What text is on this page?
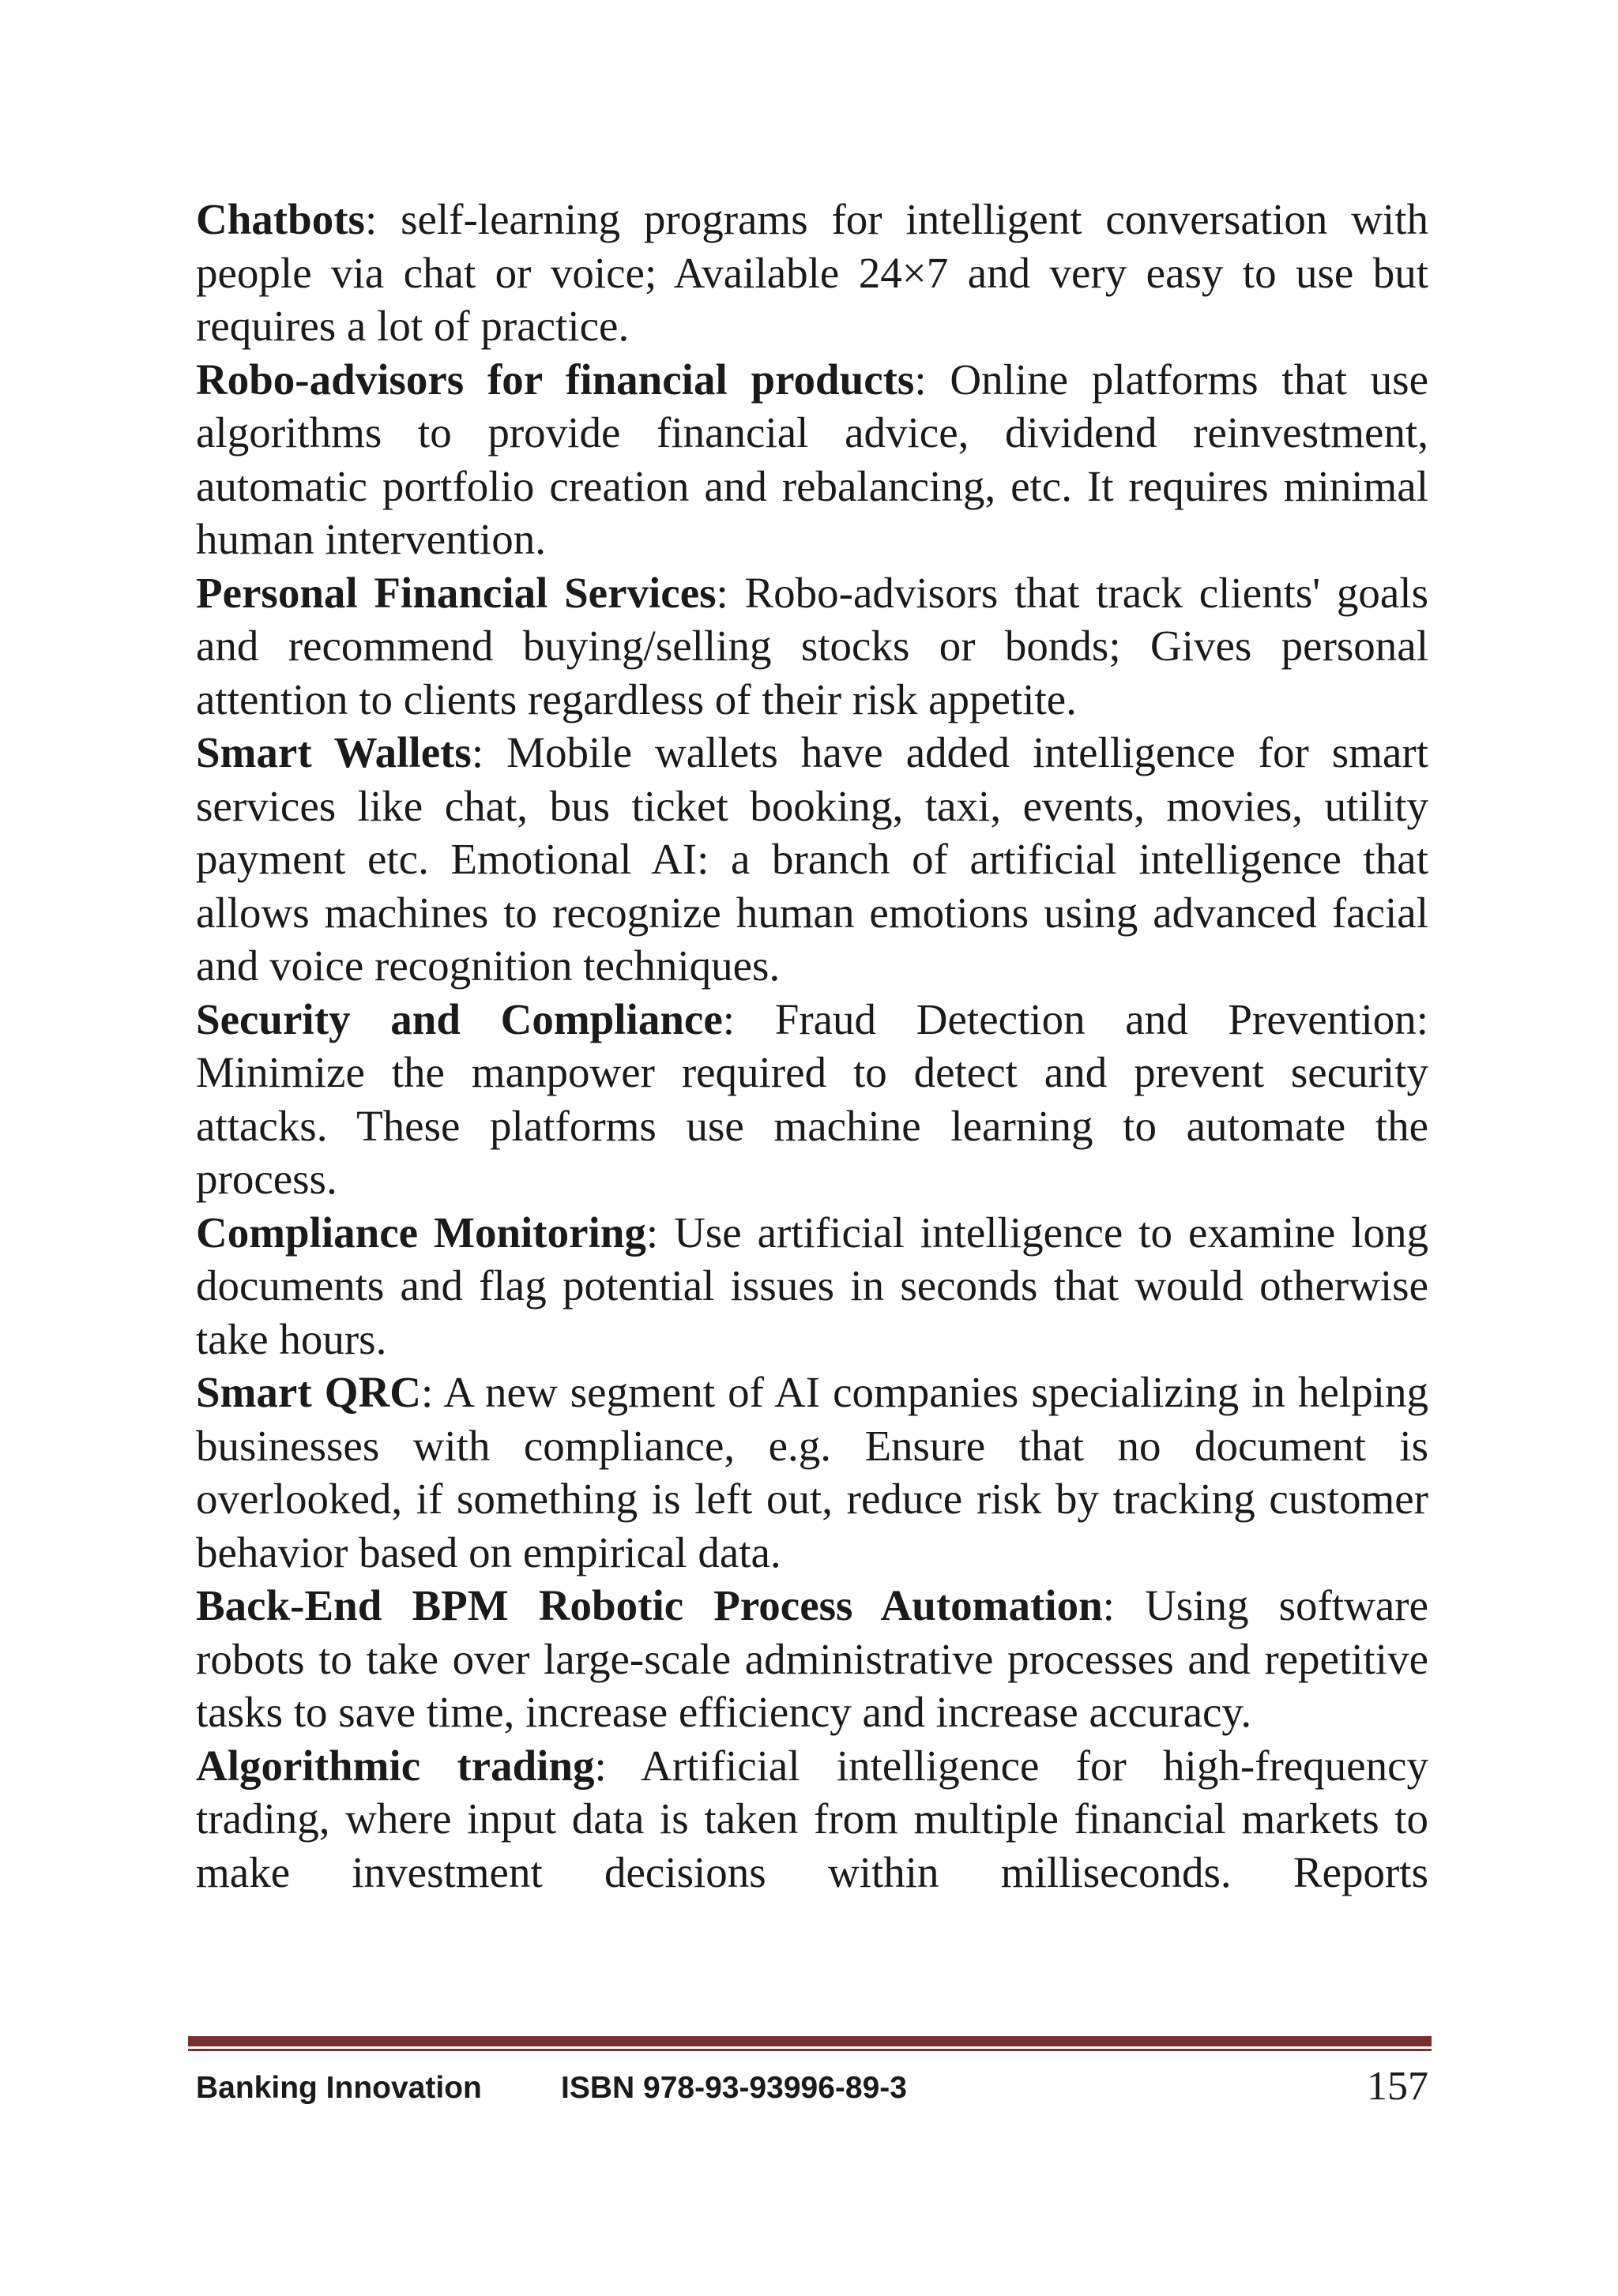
Chatbots: self-learning programs for intelligent conversation with people via chat or voice; Available 24×7 and very easy to use but requires a lot of practice.

Robo-advisors for financial products: Online platforms that use algorithms to provide financial advice, dividend reinvestment, automatic portfolio creation and rebalancing, etc. It requires minimal human intervention.

Personal Financial Services: Robo-advisors that track clients' goals and recommend buying/selling stocks or bonds; Gives personal attention to clients regardless of their risk appetite.

Smart Wallets: Mobile wallets have added intelligence for smart services like chat, bus ticket booking, taxi, events, movies, utility payment etc. Emotional AI: a branch of artificial intelligence that allows machines to recognize human emotions using advanced facial and voice recognition techniques.

Security and Compliance: Fraud Detection and Prevention: Minimize the manpower required to detect and prevent security attacks. These platforms use machine learning to automate the process.

Compliance Monitoring: Use artificial intelligence to examine long documents and flag potential issues in seconds that would otherwise take hours.

Smart QRC: A new segment of AI companies specializing in helping businesses with compliance, e.g. Ensure that no document is overlooked, if something is left out, reduce risk by tracking customer behavior based on empirical data.

Back-End BPM Robotic Process Automation: Using software robots to take over large-scale administrative processes and repetitive tasks to save time, increase efficiency and increase accuracy.

Algorithmic trading: Artificial intelligence for high-frequency trading, where input data is taken from multiple financial markets to make investment decisions within milliseconds. Reports

Banking Innovation	ISBN 978-93-93996-89-3	157
